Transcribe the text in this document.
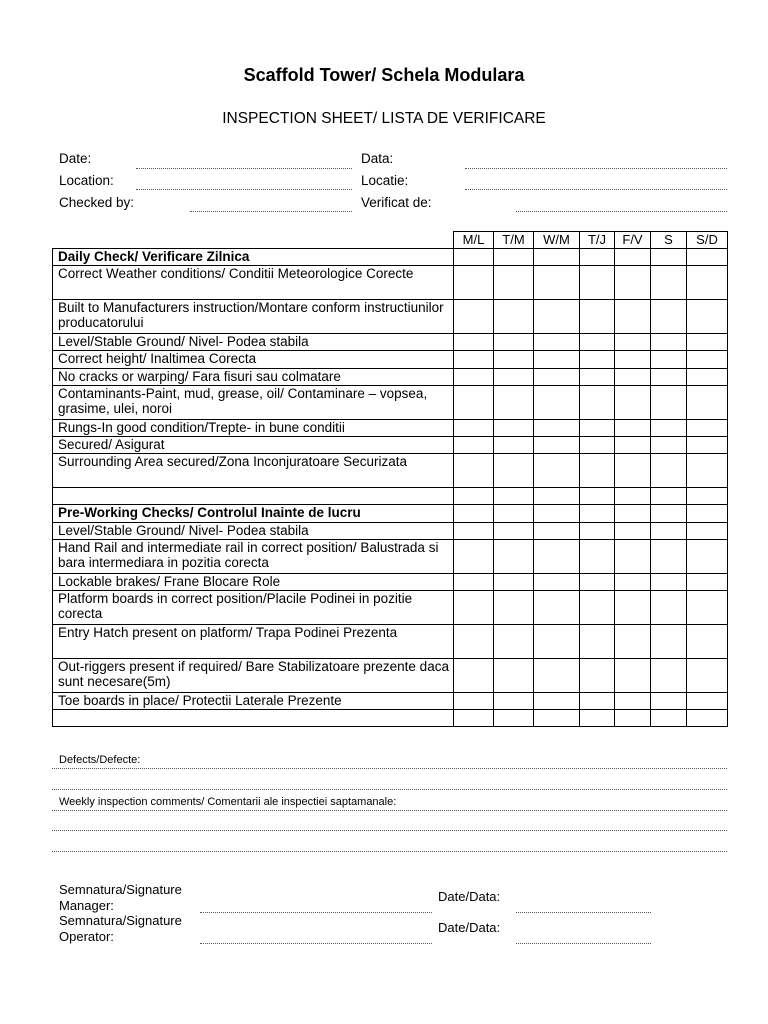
Scaffold Tower/ Schela Modulara
INSPECTION SHEET/ LISTA DE VERIFICARE
Date:	Data:
Location:	Locatie:
Checked by:	Verificat de:
	M/L	T/M	W/M	T/J	F/V	S	S/D
Daily Check/ Verificare Zilnica							
Correct Weather conditions/ Conditii Meteorologice Corecte							
Built to Manufacturers instruction/Montare conform instructiunilor producatorului							
Level/Stable Ground/ Nivel- Podea stabila							
Correct height/ Inaltimea Corecta							
No cracks or warping/ Fara fisuri sau colmatare							
Contaminants-Paint, mud, grease, oil/ Contaminare – vopsea, grasime, ulei, noroi							
Rungs-In good condition/Trepte- in bune conditii							
Secured/ Asigurat							
Surrounding Area secured/Zona Inconjuratoare Securizata							

Pre-Working Checks/ Controlul Inainte de lucru							
Level/Stable Ground/ Nivel- Podea stabila							
Hand Rail and intermediate rail in correct position/ Balustrada si bara intermediara in pozitia corecta							
Lockable brakes/ Frane Blocare Role							
Platform boards in correct position/Placile Podinei in pozitie corecta							
Entry Hatch present on platform/ Trapa Podinei Prezenta							
Out-riggers present if required/ Bare Stabilizatoare prezente daca sunt necesare(5m)							
Toe boards in place/ Protectii Laterale Prezente							

Defects/Defecte:
Weekly inspection comments/ Comentarii ale inspectiei saptamanale:
Semnatura/Signature Manager:
Date/Data:
Semnatura/Signature Operator:
Date/Data:
